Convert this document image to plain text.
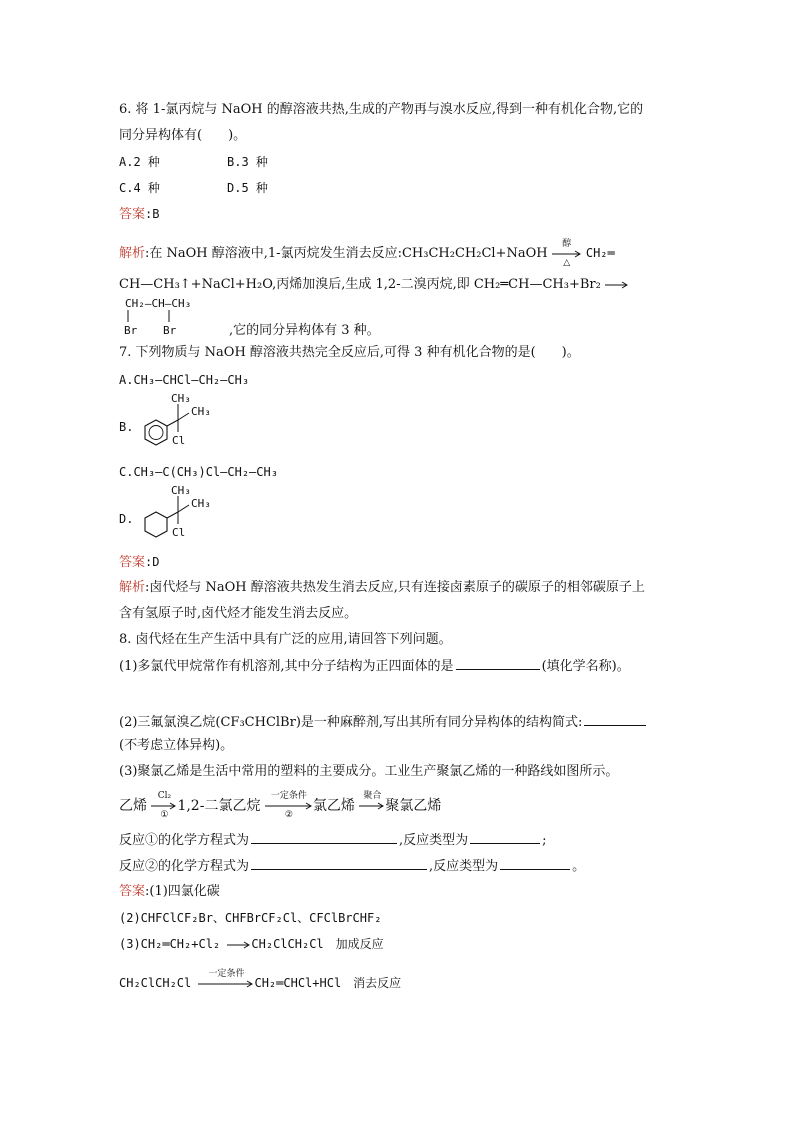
6. 将 1-氯丙烷与 NaOH 的醇溶液共热,生成的产物再与溴水反应,得到一种有机化合物,它的
同分异构体有(　　)。
A.2 种	B.3 种
C.4 种	D.5 种
答案:B
解析:在 NaOH 醇溶液中,1-氯丙烷发生消去反应:CH₃CH₂CH₂Cl+NaOH
醇
△
CH₂═
CH—CH₃↑+NaCl+H₂O,丙烯加溴后,生成 1,2-二溴丙烷,即 CH₂═CH—CH₃+Br₂
CH₂—CH—CH₃
Br Br	,它的同分异构体有 3 种。
7. 下列物质与 NaOH 醇溶液共热完全反应后,可得 3 种有机化合物的是(　　)。
A.CH₃—CHCl—CH₂—CH₃
B.
CH₃
CH₃
Cl
C.CH₃—C(CH₃)Cl—CH₂—CH₃
D.
CH₃
CH₃
Cl
答案:D
解析:卤代烃与 NaOH 醇溶液共热发生消去反应,只有连接卤素原子的碳原子的相邻碳原子上
含有氢原子时,卤代烃才能发生消去反应。
8. 卤代烃在生产生活中具有广泛的应用,请回答下列问题。
(1)多氯代甲烷常作有机溶剂,其中分子结构为正四面体的是	(填化学名称)。
(2)三氟氯溴乙烷(CF₃CHClBr)是一种麻醉剂,写出其所有同分异构体的结构简式:
(不考虑立体异构)。
(3)聚氯乙烯是生活中常用的塑料的主要成分。工业生产聚氯乙烯的一种路线如图所示。
乙烯
Cl₂
①
1,2-二氯乙烷
一定条件
②
氯乙烯
聚合
聚氯乙烯
反应①的化学方程式为	,反应类型为	;
反应②的化学方程式为	,反应类型为	。
答案:(1)四氯化碳
(2)CHFClCF₂Br、CHFBrCF₂Cl、CFClBrCHF₂
(3)CH₂═CH₂+Cl₂	CH₂ClCH₂Cl　加成反应
CH₂ClCH₂Cl
一定条件
CH₂═CHCl+HCl　消去反应
